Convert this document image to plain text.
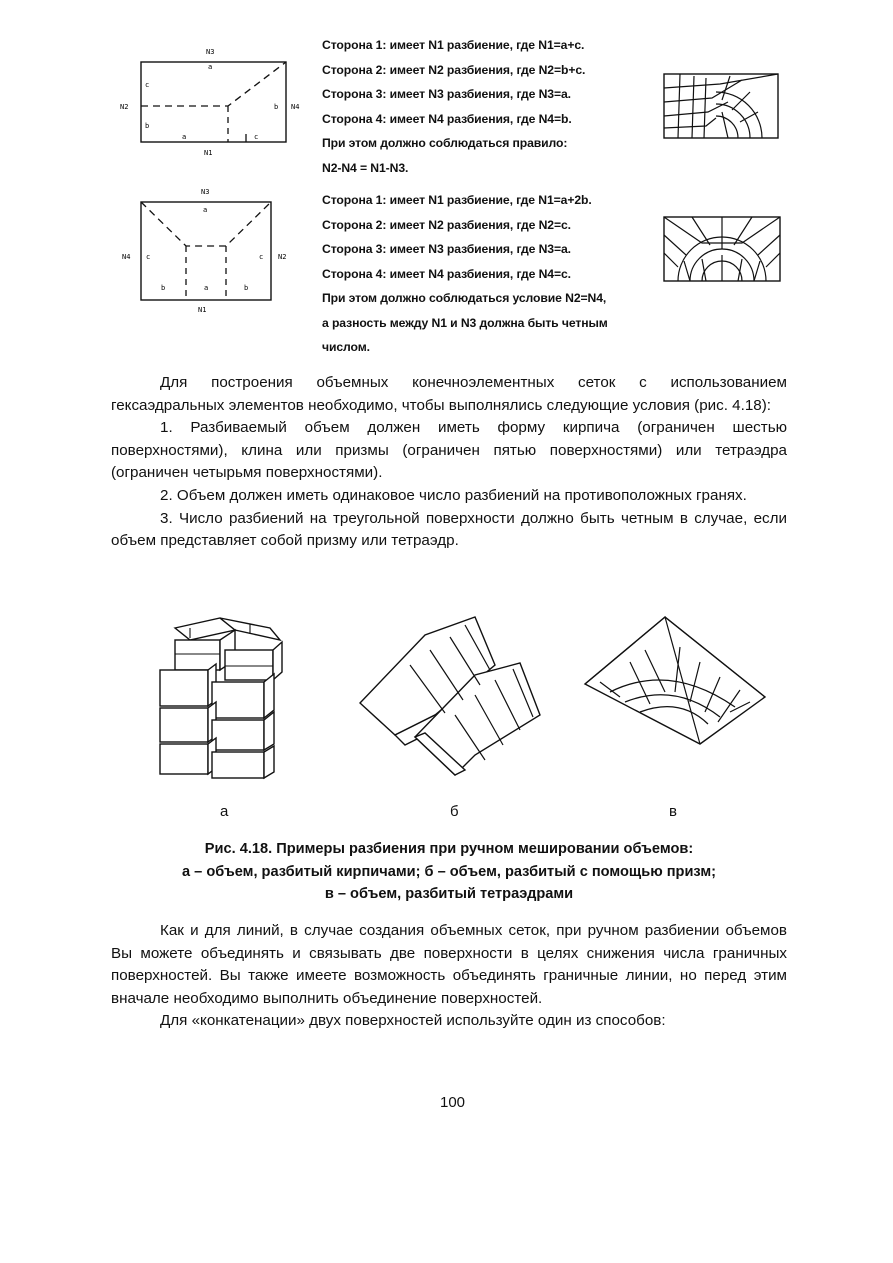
N3
a
c
N2
b
b N4
a	c
N1
Сторона 1: имеет N1 разбиение, где N1=a+c.
Сторона 2: имеет N2 разбиения, где N2=b+c.
Сторона 3: имеет N3 разбиения, где N3=a.
Сторона 4: имеет N4 разбиения, где N4=b.
При этом должно соблюдаться правило:
N2-N4 = N1-N3.
N3
a
N4 c	c N2
b	a	b
N1
Сторона 1: имеет N1 разбиение, где N1=a+2b.
Сторона 2: имеет N2 разбиения, где N2=c.
Сторона 3: имеет N3 разбиения, где N3=a.
Сторона 4: имеет N4 разбиения, где N4=c.
При этом должно соблюдаться условие N2=N4,
а разность между N1 и N3 должна быть четным
числом.

Для построения объемных конечноэлементных сеток с использованием гексаэдральных элементов необходимо, чтобы выполнялись следующие условия (рис. 4.18):

1. Разбиваемый объем должен иметь форму кирпича (ограничен шестью поверхностями), клина или призмы (ограничен пятью поверхностями) или тетраэдра (ограничен четырьмя поверхностями).

2. Объем должен иметь одинаковое число разбиений на противоположных гранях.

3. Число разбиений на треугольной поверхности должно быть четным в случае, если объем представляет собой призму или тетраэдр.

а	б	в
Рис. 4.18. Примеры разбиения при ручном мешировании объемов:
а – объем, разбитый кирпичами; б – объем, разбитый с помощью призм;
в – объем, разбитый тетраэдрами

Как и для линий, в случае создания объемных сеток, при ручном разбиении объемов Вы можете объединять и связывать две поверхности в целях снижения числа граничных поверхностей. Вы также имеете возможность объединять граничные линии, но перед этим вначале необходимо выполнить объединение поверхностей.

Для «конкатенации» двух поверхностей используйте один из способов:

100
